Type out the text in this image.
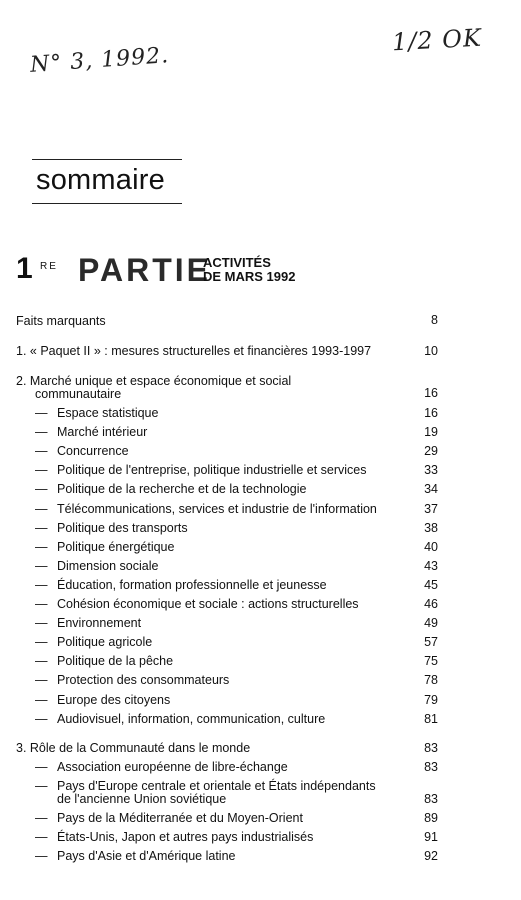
N° 3, 1992.
1/2 OK
sommaire
1 RE PARTIE
ACTIVITÉS
DE MARS 1992
Faits marquants	8
1. « Paquet II » : mesures structurelles et financières 1993-1997	10
2. Marché unique et espace économique et social
communautaire	16
— Espace statistique	16
— Marché intérieur	19
— Concurrence	29
— Politique de l'entreprise, politique industrielle et services	33
— Politique de la recherche et de la technologie	34
— Télécommunications, services et industrie de l'information	37
— Politique des transports	38
— Politique énergétique	40
— Dimension sociale	43
— Éducation, formation professionnelle et jeunesse	45
— Cohésion économique et sociale : actions structurelles	46
— Environnement	49
— Politique agricole	57
— Politique de la pêche	75
— Protection des consommateurs	78
— Europe des citoyens	79
— Audiovisuel, information, communication, culture	81
3. Rôle de la Communauté dans le monde	83
— Association européenne de libre-échange	83
— Pays d'Europe centrale et orientale et États indépendants
de l'ancienne Union soviétique	83
— Pays de la Méditerranée et du Moyen-Orient	89
— États-Unis, Japon et autres pays industrialisés	91
— Pays d'Asie et d'Amérique latine	92
